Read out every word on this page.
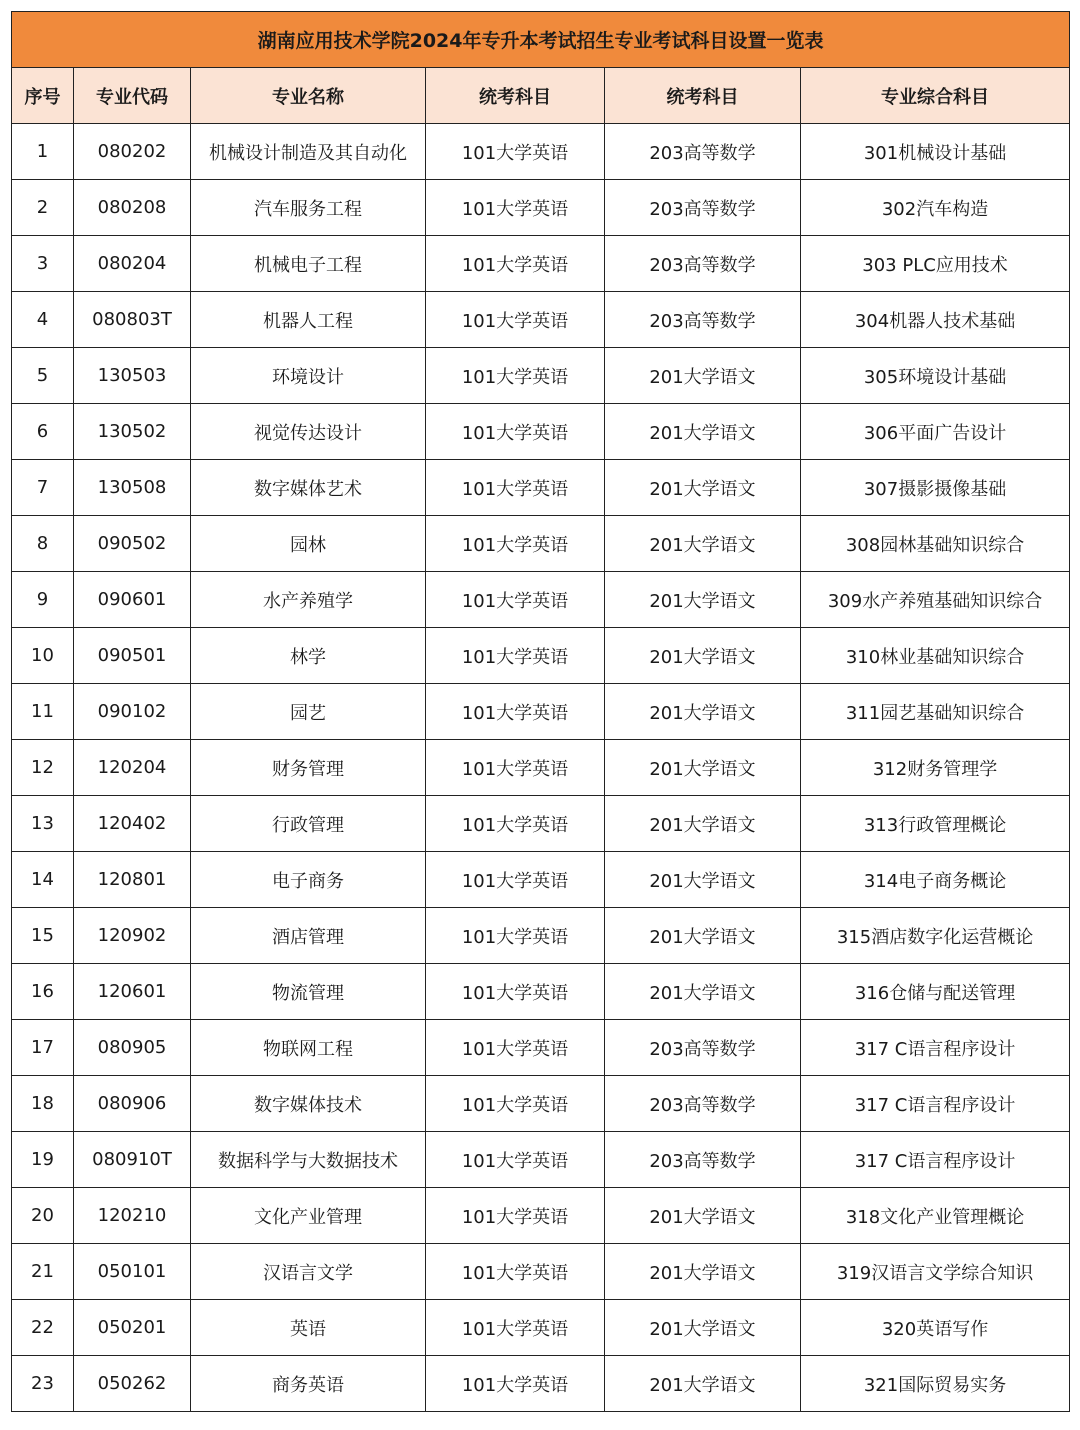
湖南应用技术学院2024年专升本考试招生专业考试科目设置一览表					
序号	专业代码	专业名称	统考科目	统考科目	专业综合科目
1	080202	机械设计制造及其自动化	101大学英语	203高等数学	301机械设计基础
2	080208	汽车服务工程	101大学英语	203高等数学	302汽车构造
3	080204	机械电子工程	101大学英语	203高等数学	303 PLC应用技术
4	080803T	机器人工程	101大学英语	203高等数学	304机器人技术基础
5	130503	环境设计	101大学英语	201大学语文	305环境设计基础
6	130502	视觉传达设计	101大学英语	201大学语文	306平面广告设计
7	130508	数字媒体艺术	101大学英语	201大学语文	307摄影摄像基础
8	090502	园林	101大学英语	201大学语文	308园林基础知识综合
9	090601	水产养殖学	101大学英语	201大学语文	309水产养殖基础知识综合
10	090501	林学	101大学英语	201大学语文	310林业基础知识综合
11	090102	园艺	101大学英语	201大学语文	311园艺基础知识综合
12	120204	财务管理	101大学英语	201大学语文	312财务管理学
13	120402	行政管理	101大学英语	201大学语文	313行政管理概论
14	120801	电子商务	101大学英语	201大学语文	314电子商务概论
15	120902	酒店管理	101大学英语	201大学语文	315酒店数字化运营概论
16	120601	物流管理	101大学英语	201大学语文	316仓储与配送管理
17	080905	物联网工程	101大学英语	203高等数学	317 C语言程序设计
18	080906	数字媒体技术	101大学英语	203高等数学	317 C语言程序设计
19	080910T	数据科学与大数据技术	101大学英语	203高等数学	317 C语言程序设计
20	120210	文化产业管理	101大学英语	201大学语文	318文化产业管理概论
21	050101	汉语言文学	101大学英语	201大学语文	319汉语言文学综合知识
22	050201	英语	101大学英语	201大学语文	320英语写作
23	050262	商务英语	101大学英语	201大学语文	321国际贸易实务
